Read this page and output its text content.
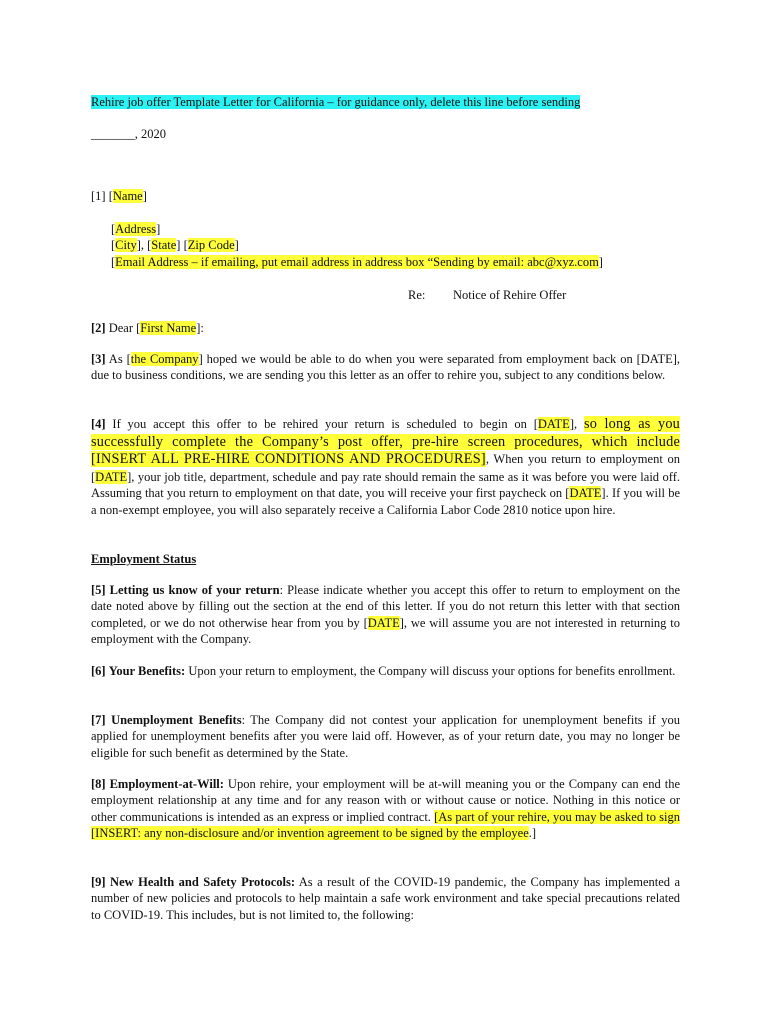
Rehire job offer Template Letter for California – for guidance only, delete this line before sending
_______, 2020
[1] [Name]
[Address]
[City], [State] [Zip Code]
[Email Address – if emailing, put email address in address box “Sending by email: abc@xyz.com]
Re: Notice of Rehire Offer
[2] Dear [First Name]:
[3] As [the Company] hoped we would be able to do when you were separated from employment back on [DATE], due to business conditions, we are sending you this letter as an offer to rehire you, subject to any conditions below.
[4] If you accept this offer to be rehired your return is scheduled to begin on [DATE], so long as you successfully complete the Company’s post offer, pre-hire screen procedures, which include [INSERT ALL PRE-HIRE CONDITIONS AND PROCEDURES], When you return to employment on [DATE], your job title, department, schedule and pay rate should remain the same as it was before you were laid off. Assuming that you return to employment on that date, you will receive your first paycheck on [DATE]. If you will be a non-exempt employee, you will also separately receive a California Labor Code 2810 notice upon hire.
Employment Status
[5] Letting us know of your return: Please indicate whether you accept this offer to return to employment on the date noted above by filling out the section at the end of this letter. If you do not return this letter with that section completed, or we do not otherwise hear from you by [DATE], we will assume you are not interested in returning to employment with the Company.
[6] Your Benefits: Upon your return to employment, the Company will discuss your options for benefits enrollment.
[7] Unemployment Benefits: The Company did not contest your application for unemployment benefits if you applied for unemployment benefits after you were laid off. However, as of your return date, you may no longer be eligible for such benefit as determined by the State.
[8] Employment-at-Will: Upon rehire, your employment will be at-will meaning you or the Company can end the employment relationship at any time and for any reason with or without cause or notice. Nothing in this notice or other communications is intended as an express or implied contract. [As part of your rehire, you may be asked to sign [INSERT: any non-disclosure and/or invention agreement to be signed by the employee.]
[9] New Health and Safety Protocols: As a result of the COVID-19 pandemic, the Company has implemented a number of new policies and protocols to help maintain a safe work environment and take special precautions related to COVID-19. This includes, but is not limited to, the following:
